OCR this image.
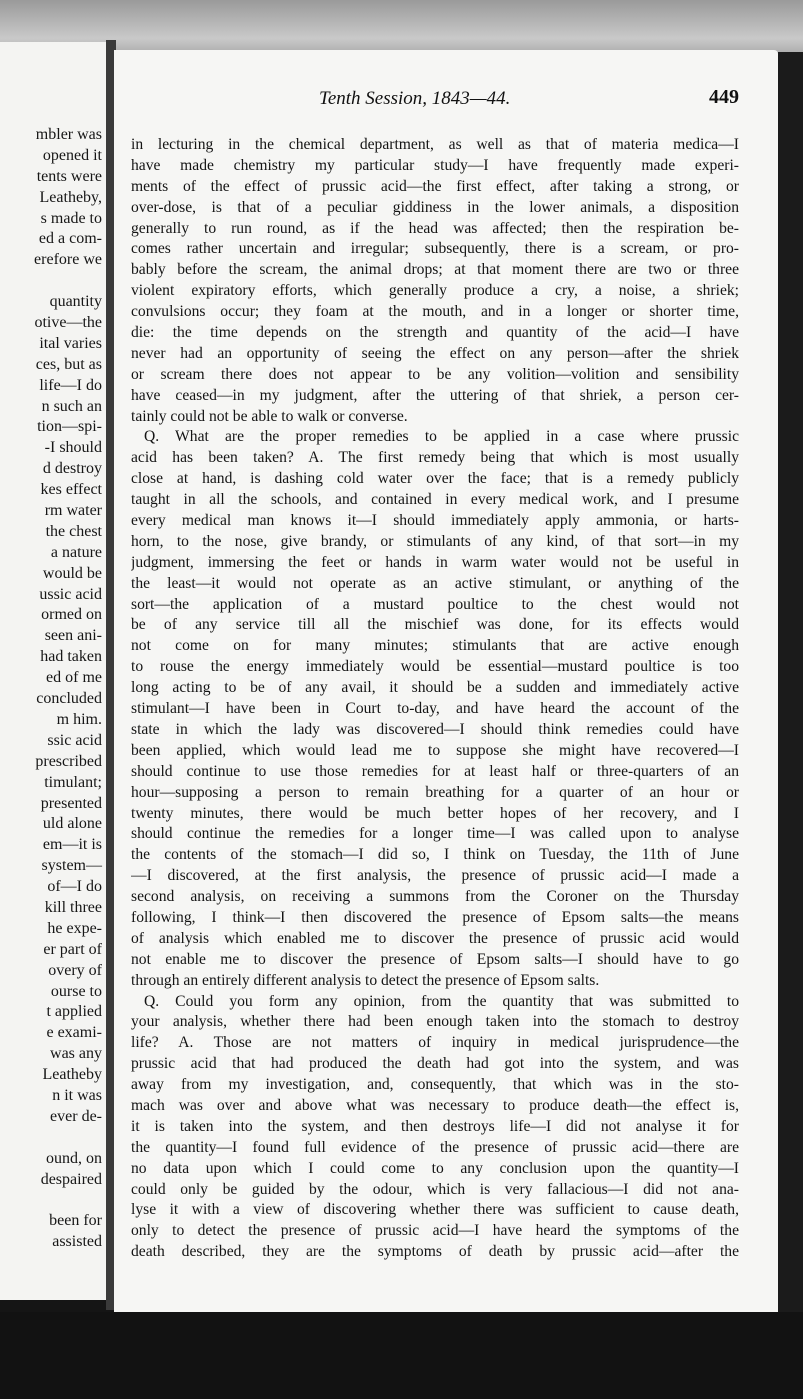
mbler was
opened it
tents were
Leatheby,
s made to
ed a com-
erefore we
quantity
otive—the
ital varies
ces, but as
life—I do
n such an
tion—spi-
-I should
d destroy
kes effect
rm water
the chest
a nature
would be
ussic acid
ormed on
seen ani-
had taken
ed of me
concluded
m him.
ssic acid
prescribed
timulant;
presented
uld alone
em—it is
system—
of—I do
kill three
he expe-
er part of
overy of
ourse to
t applied
e exami-
was any
Leatheby
n it was
ever de-
ound, on
despaired
been for
assisted
Tenth Session, 1843—44.	449
in lecturing in the chemical department, as well as that of materia medica—I
have made chemistry my particular study—I have frequently made experi-
ments of the effect of prussic acid—the first effect, after taking a strong, or
over-dose, is that of a peculiar giddiness in the lower animals, a disposition
generally to run round, as if the head was affected; then the respiration be-
comes rather uncertain and irregular; subsequently, there is a scream, or pro-
bably before the scream, the animal drops; at that moment there are two or three
violent expiratory efforts, which generally produce a cry, a noise, a shriek;
convulsions occur; they foam at the mouth, and in a longer or shorter time,
die: the time depends on the strength and quantity of the acid—I have
never had an opportunity of seeing the effect on any person—after the shriek
or scream there does not appear to be any volition—volition and sensibility
have ceased—in my judgment, after the uttering of that shriek, a person cer-
tainly could not be able to walk or converse.
Q. What are the proper remedies to be applied in a case where prussic
acid has been taken? A. The first remedy being that which is most usually
close at hand, is dashing cold water over the face; that is a remedy publicly
taught in all the schools, and contained in every medical work, and I presume
every medical man knows it—I should immediately apply ammonia, or harts-
horn, to the nose, give brandy, or stimulants of any kind, of that sort—in my
judgment, immersing the feet or hands in warm water would not be useful in
the least—it would not operate as an active stimulant, or anything of the
sort—the application of a mustard poultice to the chest would not
be of any service till all the mischief was done, for its effects would
not come on for many minutes; stimulants that are active enough
to rouse the energy immediately would be essential—mustard poultice is too
long acting to be of any avail, it should be a sudden and immediately active
stimulant—I have been in Court to-day, and have heard the account of the
state in which the lady was discovered—I should think remedies could have
been applied, which would lead me to suppose she might have recovered—I
should continue to use those remedies for at least half or three-quarters of an
hour—supposing a person to remain breathing for a quarter of an hour or
twenty minutes, there would be much better hopes of her recovery, and I
should continue the remedies for a longer time—I was called upon to analyse
the contents of the stomach—I did so, I think on Tuesday, the 11th of June
—I discovered, at the first analysis, the presence of prussic acid—I made a
second analysis, on receiving a summons from the Coroner on the Thursday
following, I think—I then discovered the presence of Epsom salts—the means
of analysis which enabled me to discover the presence of prussic acid would
not enable me to discover the presence of Epsom salts—I should have to go
through an entirely different analysis to detect the presence of Epsom salts.
Q. Could you form any opinion, from the quantity that was submitted to
your analysis, whether there had been enough taken into the stomach to destroy
life? A. Those are not matters of inquiry in medical jurisprudence—the
prussic acid that had produced the death had got into the system, and was
away from my investigation, and, consequently, that which was in the sto-
mach was over and above what was necessary to produce death—the effect is,
it is taken into the system, and then destroys life—I did not analyse it for
the quantity—I found full evidence of the presence of prussic acid—there are
no data upon which I could come to any conclusion upon the quantity—I
could only be guided by the odour, which is very fallacious—I did not ana-
lyse it with a view of discovering whether there was sufficient to cause death,
only to detect the presence of prussic acid—I have heard the symptoms of the
death described, they are the symptoms of death by prussic acid—after the
